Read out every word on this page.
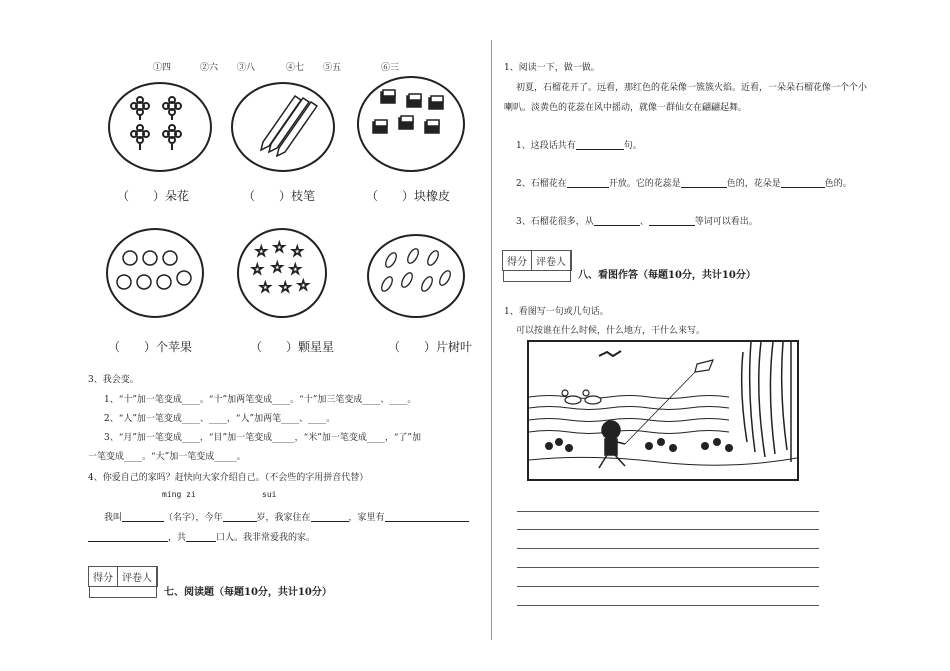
①四	②六 ③八	④七 ⑤五	⑥三
（　　）朵花	（　　）枝笔	（　　）块橡皮
☆ ☆ ☆
☆ ☆ ☆
☆ ☆ ☆
（　　）个苹果	（　　）颗星星	（　　）片树叶
3、我会变。
1、“十”加一笔变成____。“十”加两笔变成____。“十”加三笔变成____、____。
2、“人”加一笔变成____、____，“人”加两笔____、____。
3、“月”加一笔变成____，“目”加一笔变成_____，“米”加一笔变成____，“了”加
一笔变成____。“大”加一笔变成_____。
4、你爱自己的家吗？赶快向大家介绍自己。（不会些的字用拼音代替）
ming zi	sui
我叫	（名字），今年	岁，我家住在	，家里有
，共	口人。我非常爱我的家。
得分 评卷人
七、阅读题（每题10分，共计10分）
1、阅读一下，做一做。
初夏，石榴花开了。远看，那红色的花朵像一簇簇火焰。近看，一朵朵石榴花像一个个小
喇叭。淡黄色的花蕊在风中摇动，就像一群仙女在翩翩起舞。
1、这段话共有	句。
2、石榴花在	开放。它的花蕊是	色的，花朵是	色的。
3、石榴花很多，从	、	等词可以看出。
得分 评卷人
八、看图作答（每题10分，共计10分）
1、看图写一句或几句话。
可以按谁在什么时候，什么地方，干什么来写。
